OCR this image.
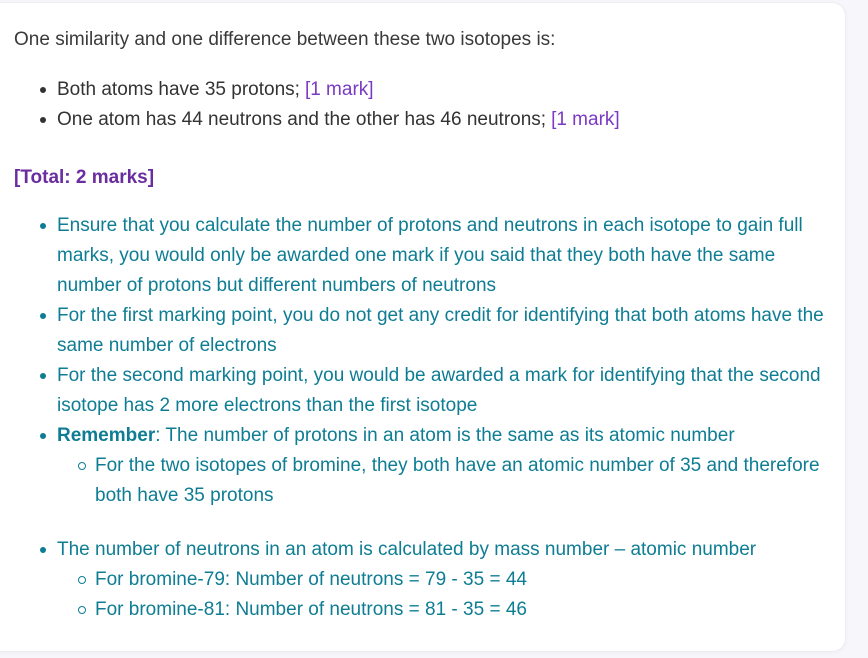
One similarity and one difference between these two isotopes is:

Both atoms have 35 protons; [1 mark]
One atom has 44 neutrons and the other has 46 neutrons; [1 mark]

[Total: 2 marks]

Ensure that you calculate the number of protons and neutrons in each isotope to gain full marks, you would only be awarded one mark if you said that they both have the same number of protons but different numbers of neutrons
For the first marking point, you do not get any credit for identifying that both atoms have the same number of electrons
For the second marking point, you would be awarded a mark for identifying that the second isotope has 2 more electrons than the first isotope
Remember: The number of protons in an atom is the same as its atomic number
For the two isotopes of bromine, they both have an atomic number of 35 and therefore both have 35 protons
The number of neutrons in an atom is calculated by mass number – atomic number
For bromine-79: Number of neutrons = 79 - 35 = 44
For bromine-81: Number of neutrons = 81 - 35 = 46
